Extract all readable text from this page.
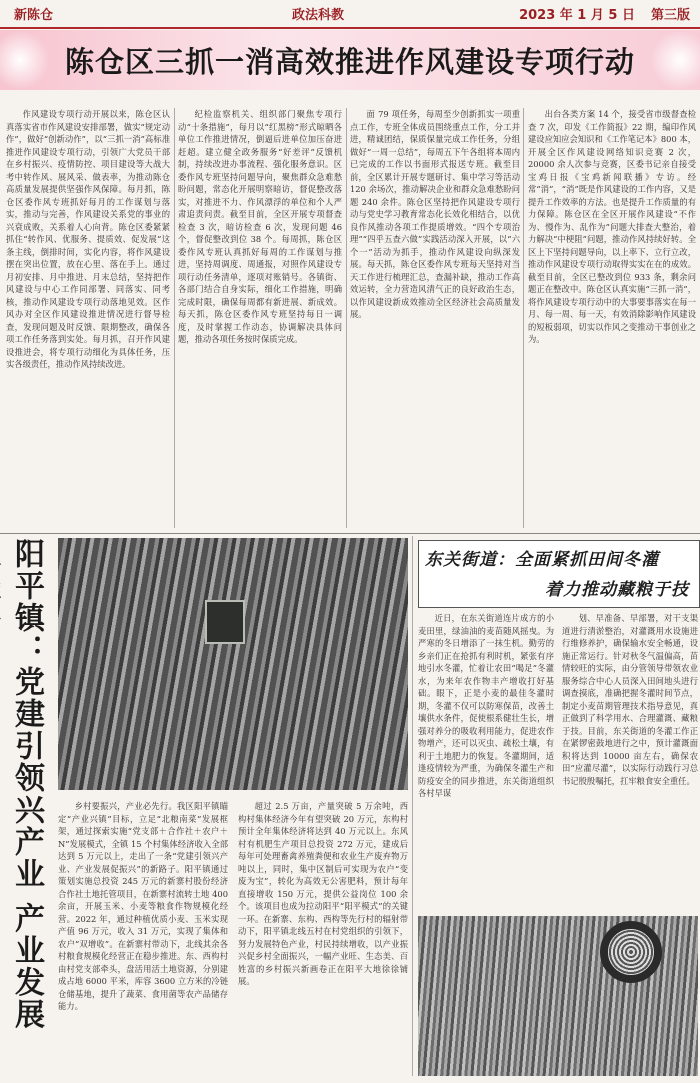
新陈仓	政法科教	2023 年 1 月 5 日 第三版
陈仓区三抓一消高效推进作风建设专项行动

作风建设专项行动开展以来，陈仓区认真落实省市作风建设安排部署，做实“规定动作”，做好“创新动作”，以“三抓一消”高标准推进作风建设专项行动，引领广大党员干部在乡村振兴、疫情防控、项目建设等大战大考中转作风、展风采、做表率，为推动陈仓高质量发展提供坚强作风保障。每月抓，陈仓区委作风专班抓好每月的工作谋划与落实，推动与完善，作风建设关系党的事业的兴衰成败，关系着人心向背。陈仓区委紧紧抓住“转作风、优服务、提质效、促发展”这条主线，倒排时间，实化内容，将作风建设摆在突出位置，放在心里、落在手上。通过月初安排、月中推进、月末总结，坚持把作风建设与中心工作同部署、同落实、同考核，推动作风建设专项行动落地见效。区作风办对全区作风建设推进情况进行督导检查，发现问题及时反馈、限期整改，确保各项工作任务落到实处。每月抓，召开作风建设推进会，将专项行动细化为具体任务，压实各级责任，推动作风持续改进。

纪检监察机关、组织部门聚焦专项行动“十条措施”，每月以“红黑榜”形式晾晒各单位工作推进情况，倒逼后进单位加压奋进赶超。建立健全政务服务“好差评”反馈机制，持续改进办事流程、强化服务意识。区委作风专班坚持问题导向，聚焦群众急难愁盼问题，常态化开展明察暗访，督促整改落实，对推进不力、作风漂浮的单位和个人严肃追责问责。截至目前，全区开展专项督查检查 3 次，暗访检查 6 次，发现问题 46 个，督促整改到位 38 个。每周抓，陈仓区委作风专班认真抓好每周的工作谋划与推进，坚持周调度、周通报，对照作风建设专项行动任务清单，逐项对账销号。各镇街、各部门结合自身实际，细化工作措施，明确完成时限，确保每周都有新进展、新成效。每天抓，陈仓区委作风专班坚持每日一调度，及时掌握工作动态，协调解决具体问题，推动各项任务按时保质完成。

面 79 项任务，每周至少创新抓实一项重点工作，专班全体成员围绕重点工作，分工并进，精诚团结，保质保量完成工作任务，分组做好“一周一总结”，每周五下午各组将本周内已完成的工作以书面形式报送专班。截至目前，全区累计开展专题研讨、集中学习等活动 120 余场次，推动解决企业和群众急难愁盼问题 240 余件。陈仓区坚持把作风建设专项行动与党史学习教育常态化长效化相结合，以优良作风推动各项工作提质增效。“四个专项治理”“四乎五查六做”实践活动深入开展，以“六个一”活动为抓手，推动作风建设向纵深发展。每天抓，陈仓区委作风专班每天坚持对当天工作进行梳理汇总，查漏补缺，推动工作高效运转，全力营造风清气正的良好政治生态，以作风建设新成效推动全区经济社会高质量发展。

出台各类方案 14 个，接受省市级督查检查 7 次，印发《工作简报》22 期，编印作风建设应知应会知识和《工作笔记本》800 本，开展全区作风建设网络知识竞赛 2 次，20000 余人次参与竞赛，区委书记亲自接受宝鸡日报《宝鸡新闻联播》专访。经常“消”，“消”既是作风建设的工作内容，又是提升工作效率的方法。也是提升工作质量的有力保障。陈仓区在全区开展作风建设“不作为、慢作为、乱作为”问题大排查大整治，着力解决“中梗阻”问题，推动作风持续好转。全区上下坚持问题导向，以上率下、立行立改，推动作风建设专项行动取得实实在在的成效。截至目前，全区已整改到位 933 条，剩余问题正在整改中。陈仓区认真实施“三抓一消”，将作风建设专项行动中的大事要事落实在每一月、每一周、每一天，有效消除影响作风建设的短板弱项，切实以作风之变推动干事创业之为。

阳平镇：党建引领兴产业 产业发展

乡村要振兴，产业必先行。我区阳平镇瞄定“产业兴镇”目标，立足“北粮南菜”发展框架，通过探索实施“党支部＋合作社＋农户＋N”发展模式，全镇 15 个村集体经济收入全部达到 5 万元以上，走出了一条“党建引领兴产业、产业发展促振兴”的新路子。阳平镇通过策划实施总投资 245 万元的新寨村股份经济合作社土地托管项目，在新寨村流转土地 400 余亩，开展玉米、小麦等粮食作物规模化经营。2022 年，通过种植优质小麦、玉米实现产值 96 万元，收入 31 万元，实现了集体和农户“双增收”。在新寨村带动下，北线其余各村粮食规模化经营正在稳步推进。东、西构村由村党支部牵头，盘活用活土地资源，分别建成占地 6000 平米，库容 3600 立方米的冷链仓储基地，提升了蔬菜、食用菌等农产品储存能力。

超过 2.5 万亩，产量突破 5 万余吨，西构村集体经济今年有望突破 20 万元，东构村预计全年集体经济将达到 40 万元以上。东风村有机肥生产项目总投资 272 万元，建成后每年可处理畜禽养殖粪便和农业生产废弃物万吨以上，同时，集中区制后可实现为农户“变废为宝”，转化为高效无公害肥料，预计每年直接增收 150 万元，提供公益岗位 100 余个。该项目也成为拉动阳平“阳平模式”的关键一环。在新寨、东构、西构等先行村的辐射带动下，阳平镇北线五村在村党组织的引领下，努力发展特色产业，村民持续增收，以产业振兴促乡村全面振兴，一幅产业旺、生态美、百姓富的乡村振兴新画卷正在阳平大地徐徐铺展。

东关街道：全面紧抓田间冬灌
着力推动藏粮于技

近日，在东关街道连片成方的小麦田里，绿油油的麦苗随风摇曳。为严寒的冬日增添了一抹生机。勤劳的乡亲们正在抢抓有利时机，紧张有序地引水冬灌，忙着让农田“喝足”冬灌水，为来年农作物丰产增收打好基础。眼下，正是小麦的最佳冬灌时期，冬灌不仅可以防寒保苗，改善土壤供水条件，促使根系健壮生长，增强对养分的吸收利用能力，促进农作物增产，还可以灭虫、疏松土壤，有利于土地肥力的恢复。冬灌期间，适逢疫情较为严重，为确保冬灌生产和防疫安全的同步推进，东关街道组织各村早谋

划、早准备、早部署，对干支渠道进行清淤整治，对灌溉用水设施进行维修养护，确保输水安全畅通，设施正常运行。针对秋冬气温偏高，苗情较旺的实际，由分管领导带领农业服务综合中心人员深入田间地头进行调查摸底，准确把握冬灌时间节点，制定小麦苗期管理技术指导意见，真正做到了科学用水、合理灌溉、藏粮于技。目前，东关街道的冬灌工作正在紧锣密鼓地进行之中，预计灌溉面积将达到 10000 亩左右，确保农田“应灌尽灌”，以实际行动践行习总书记殷殷嘱托，扛牢粮食安全重任。
